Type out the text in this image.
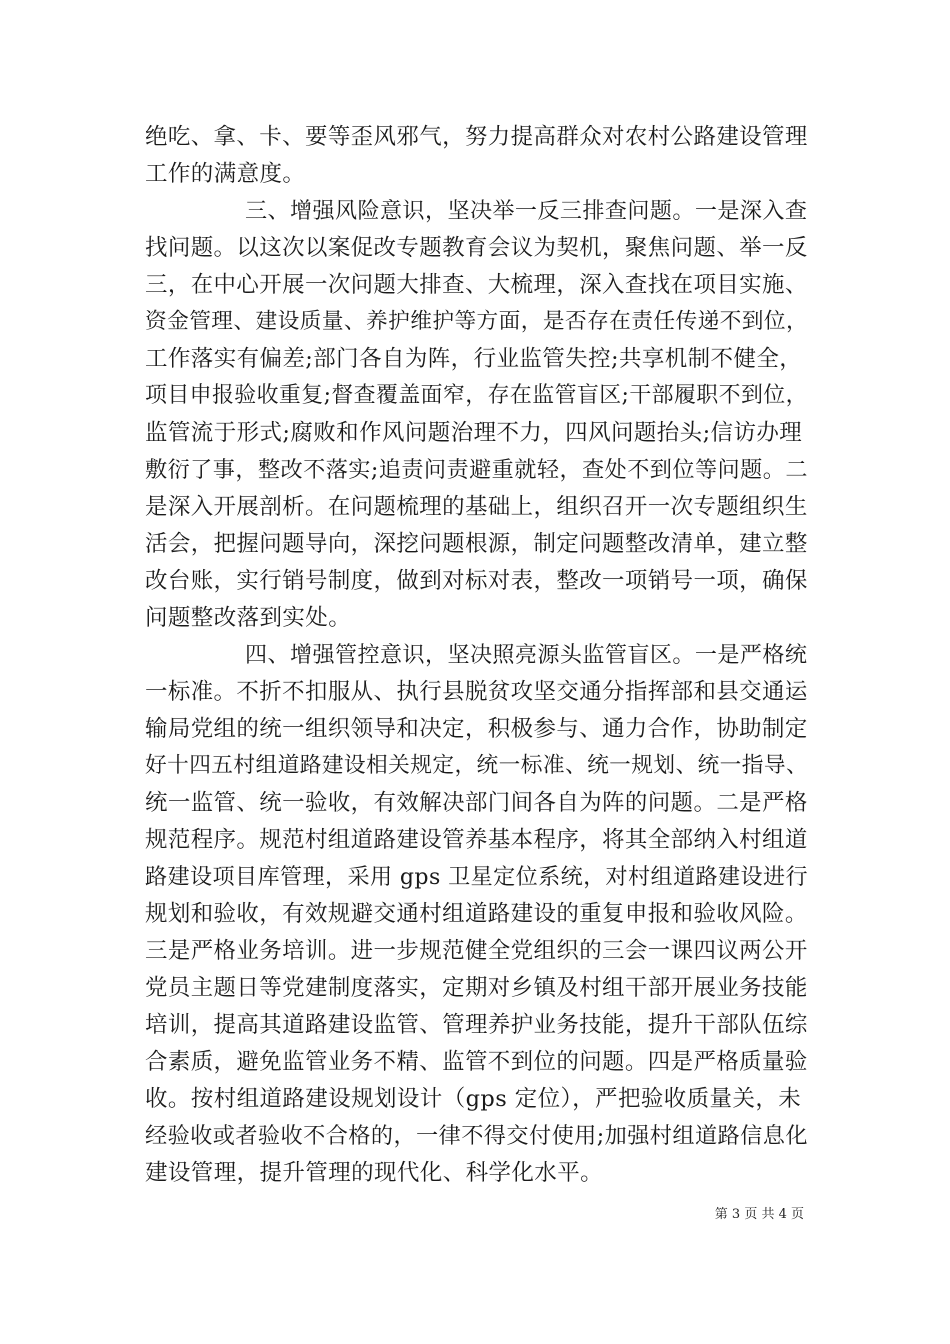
绝吃、拿、卡、要等歪风邪气，努力提高群众对农村公路建设管理
工作的满意度。
三、增强风险意识，坚决举一反三排查问题。一是深入查
找问题。以这次以案促改专题教育会议为契机，聚焦问题、举一反
三，在中心开展一次问题大排查、大梳理，深入查找在项目实施、
资金管理、建设质量、养护维护等方面，是否存在责任传递不到位，
工作落实有偏差;部门各自为阵，行业监管失控;共享机制不健全，
项目申报验收重复;督查覆盖面窄，存在监管盲区;干部履职不到位，
监管流于形式;腐败和作风问题治理不力，四风问题抬头;信访办理
敷衍了事，整改不落实;追责问责避重就轻，查处不到位等问题。二
是深入开展剖析。在问题梳理的基础上，组织召开一次专题组织生
活会，把握问题导向，深挖问题根源，制定问题整改清单，建立整
改台账，实行销号制度，做到对标对表，整改一项销号一项，确保
问题整改落到实处。
四、增强管控意识，坚决照亮源头监管盲区。一是严格统
一标准。不折不扣服从、执行县脱贫攻坚交通分指挥部和县交通运
输局党组的统一组织领导和决定，积极参与、通力合作，协助制定
好十四五村组道路建设相关规定，统一标准、统一规划、统一指导、
统一监管、统一验收，有效解决部门间各自为阵的问题。二是严格
规范程序。规范村组道路建设管养基本程序，将其全部纳入村组道
路建设项目库管理，采用 gps 卫星定位系统，对村组道路建设进行
规划和验收，有效规避交通村组道路建设的重复申报和验收风险。
三是严格业务培训。进一步规范健全党组织的三会一课四议两公开
党员主题日等党建制度落实，定期对乡镇及村组干部开展业务技能
培训，提高其道路建设监管、管理养护业务技能，提升干部队伍综
合素质，避免监管业务不精、监管不到位的问题。四是严格质量验
收。按村组道路建设规划设计（gps 定位），严把验收质量关，未
经验收或者验收不合格的，一律不得交付使用;加强村组道路信息化
建设管理，提升管理的现代化、科学化水平。
第 3 页 共 4 页
